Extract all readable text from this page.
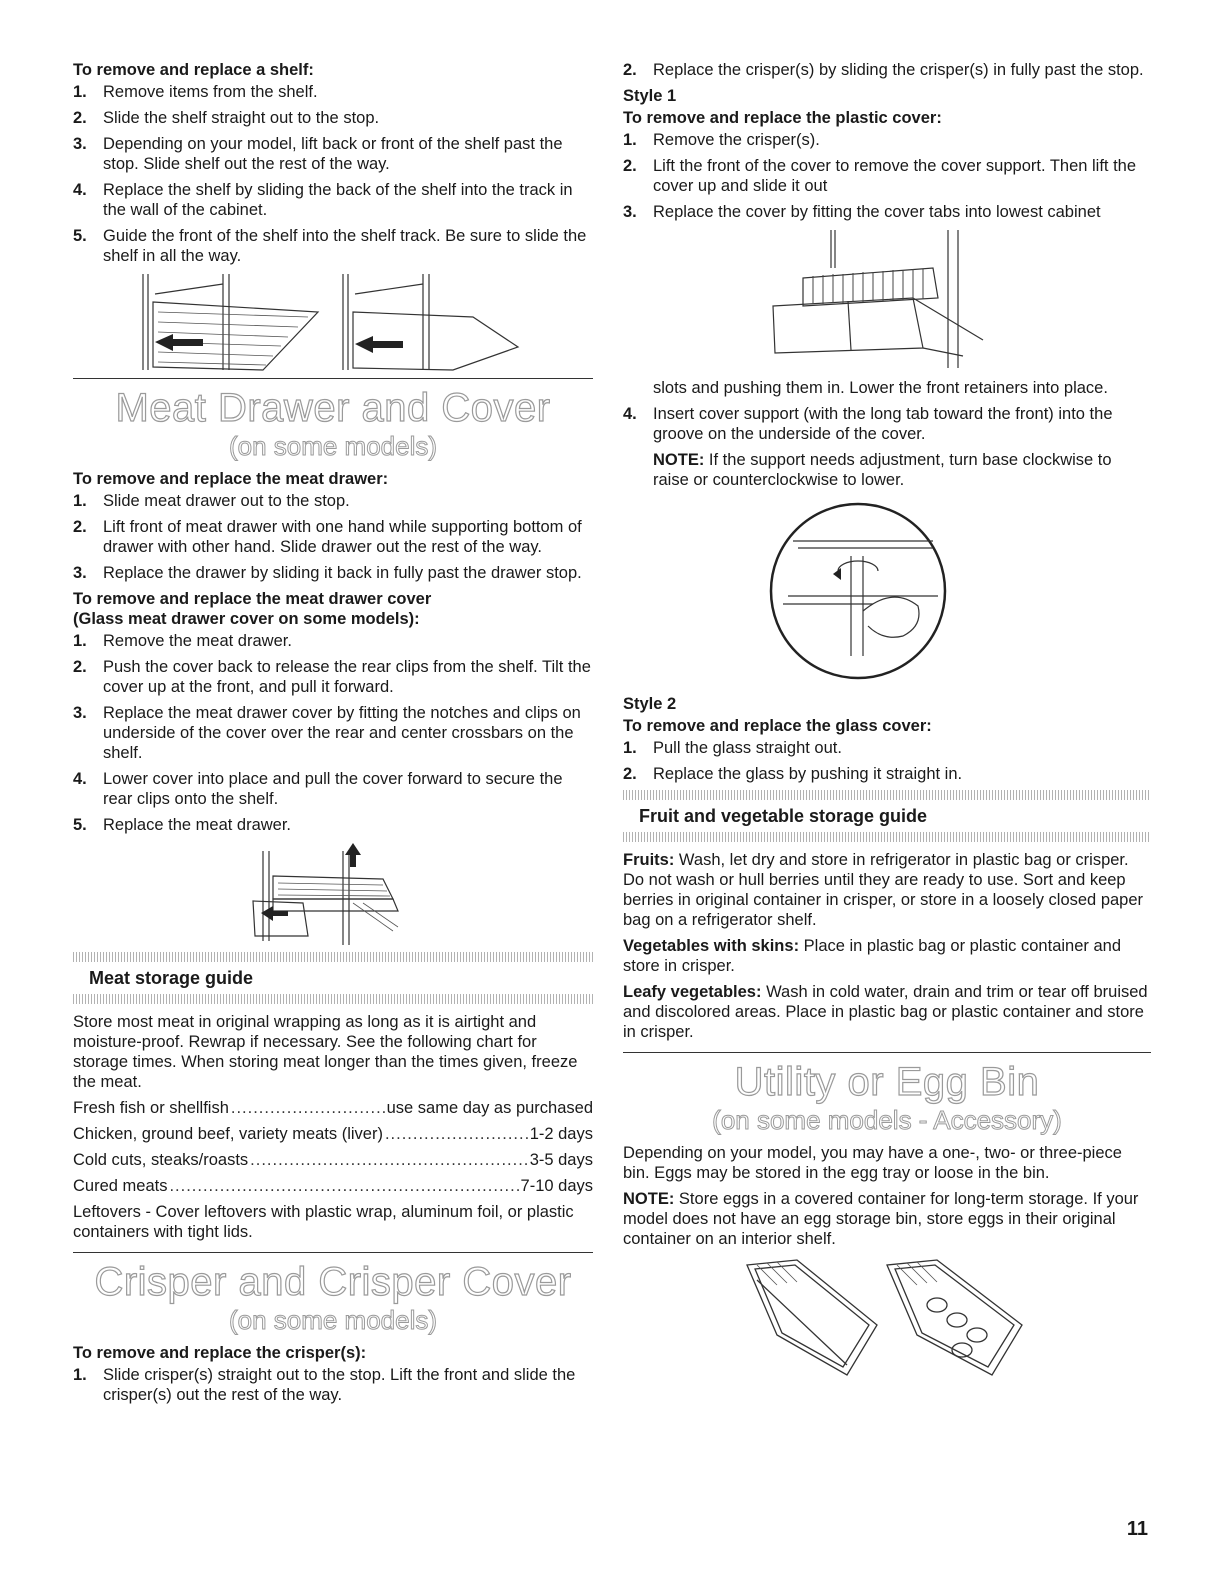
To remove and replace a shelf:

1. Remove items from the shelf.
2. Slide the shelf straight out to the stop.
3. Depending on your model, lift back or front of the shelf past the stop. Slide shelf out the rest of the way.
4. Replace the shelf by sliding the back of the shelf into the track in the wall of the cabinet.
5. Guide the front of the shelf into the shelf track. Be sure to slide the shelf in all the way.
Meat Drawer and Cover
(on some models)

To remove and replace the meat drawer:

1. Slide meat drawer out to the stop.
2. Lift front of meat drawer with one hand while supporting bottom of drawer with other hand. Slide drawer out the rest of the way.
3. Replace the drawer by sliding it back in fully past the drawer stop.

To remove and replace the meat drawer cover

(Glass meat drawer cover on some models):

1. Remove the meat drawer.
2. Push the cover back to release the rear clips from the shelf. Tilt the cover up at the front, and pull it forward.
3. Replace the meat drawer cover by fitting the notches and clips on underside of the cover over the rear and center crossbars on the shelf.
4. Lower cover into place and pull the cover forward to secure the rear clips onto the shelf.
5. Replace the meat drawer.
Meat storage guide

Store most meat in original wrapping as long as it is airtight and moisture-proof. Rewrap if necessary. See the following chart for storage times. When storing meat longer than the times given, freeze the meat.

Fresh fish or shellfish .....	use same day as purchased
Chicken, ground beef, variety meats (liver) .....	1-2 days
Cold cuts, steaks/roasts .....	3-5 days
Cured meats .....	7-10 days

Leftovers - Cover leftovers with plastic wrap, aluminum foil, or plastic containers with tight lids.

Crisper and Crisper Cover
(on some models)

To remove and replace the crisper(s):

1. Slide crisper(s) straight out to the stop. Lift the front and slide the crisper(s) out the rest of the way.
2. Replace the crisper(s) by sliding the crisper(s) in fully past the stop.

Style 1

To remove and replace the plastic cover:

1. Remove the crisper(s).
2. Lift the front of the cover to remove the cover support. Then lift the cover up and slide it out
3. Replace the cover by fitting the cover tabs into lowest cabinet

slots and pushing them in. Lower the front retainers into place.

4. Insert cover support (with the long tab toward the front) into the groove on the underside of the cover.

NOTE: If the support needs adjustment, turn base clockwise to raise or counterclockwise to lower.

Style 2

To remove and replace the glass cover:

1. Pull the glass straight out.
2. Replace the glass by pushing it straight in.
Fruit and vegetable storage guide

Fruits: Wash, let dry and store in refrigerator in plastic bag or crisper. Do not wash or hull berries until they are ready to use. Sort and keep berries in original container in crisper, or store in a loosely closed paper bag on a refrigerator shelf.

Vegetables with skins: Place in plastic bag or plastic container and store in crisper.

Leafy vegetables: Wash in cold water, drain and trim or tear off bruised and discolored areas. Place in plastic bag or plastic container and store in crisper.

Utility or Egg Bin
(on some models - Accessory)

Depending on your model, you may have a one-, two- or three-piece bin. Eggs may be stored in the egg tray or loose in the bin.

NOTE: Store eggs in a covered container for long-term storage. If your model does not have an egg storage bin, store eggs in their original container on an interior shelf.

11
